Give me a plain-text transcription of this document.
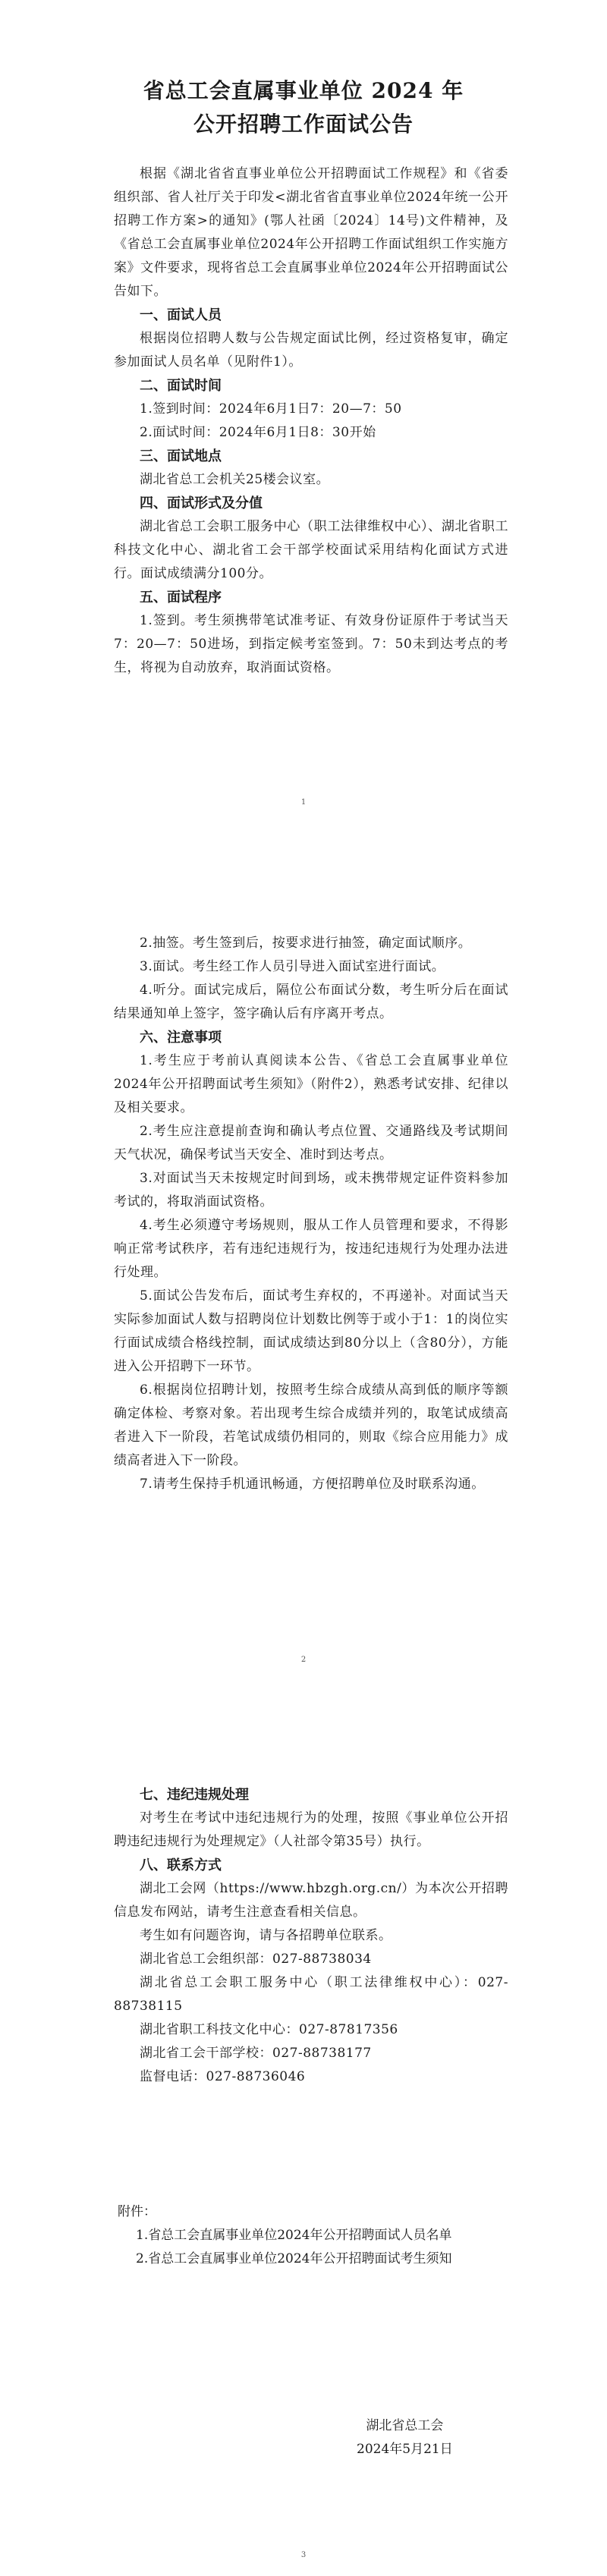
省总工会直属事业单位 2024 年
公开招聘工作面试公告

根据《湖北省省直事业单位公开招聘面试工作规程》和《省委组织部、省人社厅关于印发<湖北省省直事业单位2024年统一公开招聘工作方案>的通知》(鄂人社函〔2024〕14号)文件精神，及《省总工会直属事业单位2024年公开招聘工作面试组织工作实施方案》文件要求，现将省总工会直属事业单位2024年公开招聘面试公告如下。

一、面试人员

根据岗位招聘人数与公告规定面试比例，经过资格复审，确定参加面试人员名单（见附件1）。

二、面试时间

1.签到时间：2024年6月1日7：20—7：50

2.面试时间：2024年6月1日8：30开始

三、面试地点

湖北省总工会机关25楼会议室。

四、面试形式及分值

湖北省总工会职工服务中心（职工法律维权中心）、湖北省职工科技文化中心、湖北省工会干部学校面试采用结构化面试方式进行。面试成绩满分100分。

五、面试程序

1.签到。考生须携带笔试准考证、有效身份证原件于考试当天7：20—7：50进场，到指定候考室签到。7：50未到达考点的考生，将视为自动放弃，取消面试资格。

1

2.抽签。考生签到后，按要求进行抽签，确定面试顺序。

3.面试。考生经工作人员引导进入面试室进行面试。

4.听分。面试完成后，隔位公布面试分数，考生听分后在面试结果通知单上签字，签字确认后有序离开考点。

六、注意事项

1.考生应于考前认真阅读本公告、《省总工会直属事业单位2024年公开招聘面试考生须知》（附件2），熟悉考试安排、纪律以及相关要求。

2.考生应注意提前查询和确认考点位置、交通路线及考试期间天气状况，确保考试当天安全、准时到达考点。

3.对面试当天未按规定时间到场，或未携带规定证件资料参加考试的，将取消面试资格。

4.考生必须遵守考场规则，服从工作人员管理和要求，不得影响正常考试秩序，若有违纪违规行为，按违纪违规行为处理办法进行处理。

5.面试公告发布后，面试考生弃权的，不再递补。对面试当天实际参加面试人数与招聘岗位计划数比例等于或小于1：1的岗位实行面试成绩合格线控制，面试成绩达到80分以上（含80分），方能进入公开招聘下一环节。

6.根据岗位招聘计划，按照考生综合成绩从高到低的顺序等额确定体检、考察对象。若出现考生综合成绩并列的，取笔试成绩高者进入下一阶段，若笔试成绩仍相同的，则取《综合应用能力》成绩高者进入下一阶段。

7.请考生保持手机通讯畅通，方便招聘单位及时联系沟通。

2

七、违纪违规处理

对考生在考试中违纪违规行为的处理，按照《事业单位公开招聘违纪违规行为处理规定》（人社部令第35号）执行。

八、联系方式

湖北工会网（https://www.hbzgh.org.cn/）为本次公开招聘信息发布网站，请考生注意查看相关信息。

考生如有问题咨询，请与各招聘单位联系。

湖北省总工会组织部：027-88738034

湖北省总工会职工服务中心（职工法律维权中心）：027-88738115

湖北省职工科技文化中心：027-87817356

湖北省工会干部学校：027-88738177

监督电话：027-88736046

附件：
1.省总工会直属事业单位2024年公开招聘面试人员名单
2.省总工会直属事业单位2024年公开招聘面试考生须知
湖北省总工会
2024年5月21日
3
